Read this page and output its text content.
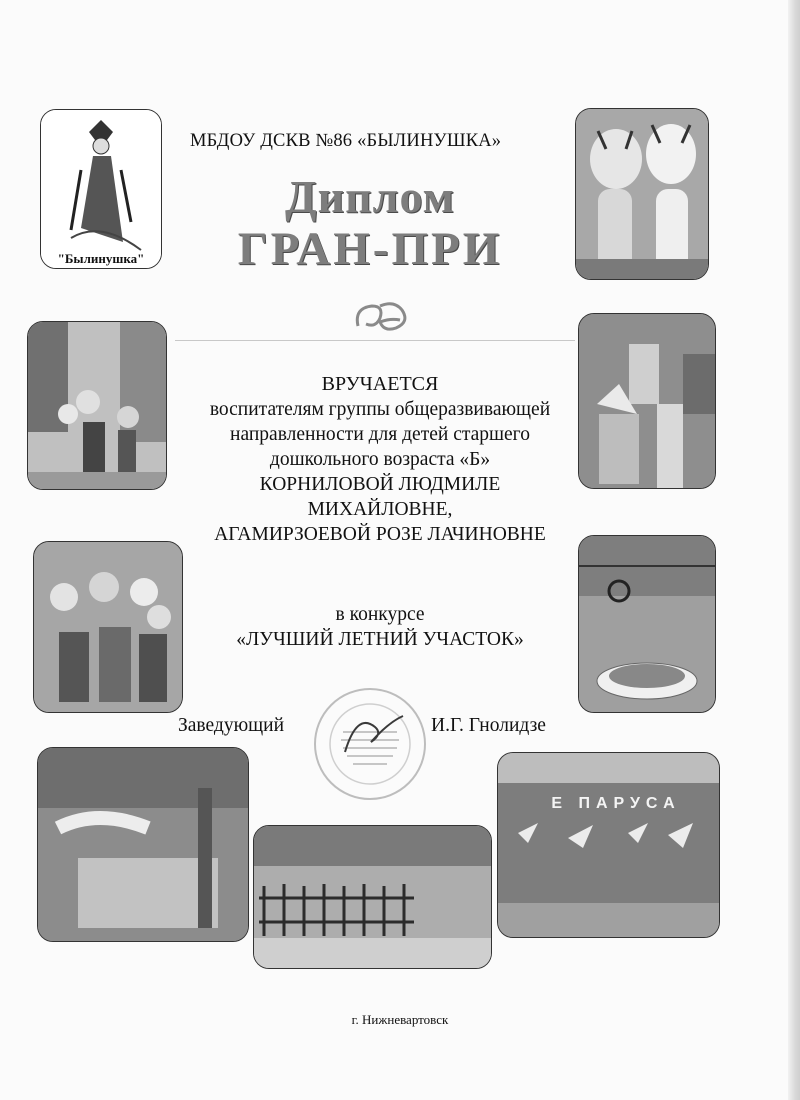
"Былинушка"
Е ПАРУСА
МБДОУ ДСКВ №86 «БЫЛИНУШКА»
Диплом
ГРАН-ПРИ
ВРУЧАЕТСЯ
воспитателям группы общеразвивающей
направленности для детей старшего
дошкольного возраста «Б»
КОРНИЛОВОЙ ЛЮДМИЛЕ
МИХАЙЛОВНЕ,
АГАМИРЗОЕВОЙ РОЗЕ ЛАЧИНОВНЕ
в конкурсе
«ЛУЧШИЙ ЛЕТНИЙ УЧАСТОК»
Заведующий	И.Г. Гнолидзе
г. Нижневартовск
